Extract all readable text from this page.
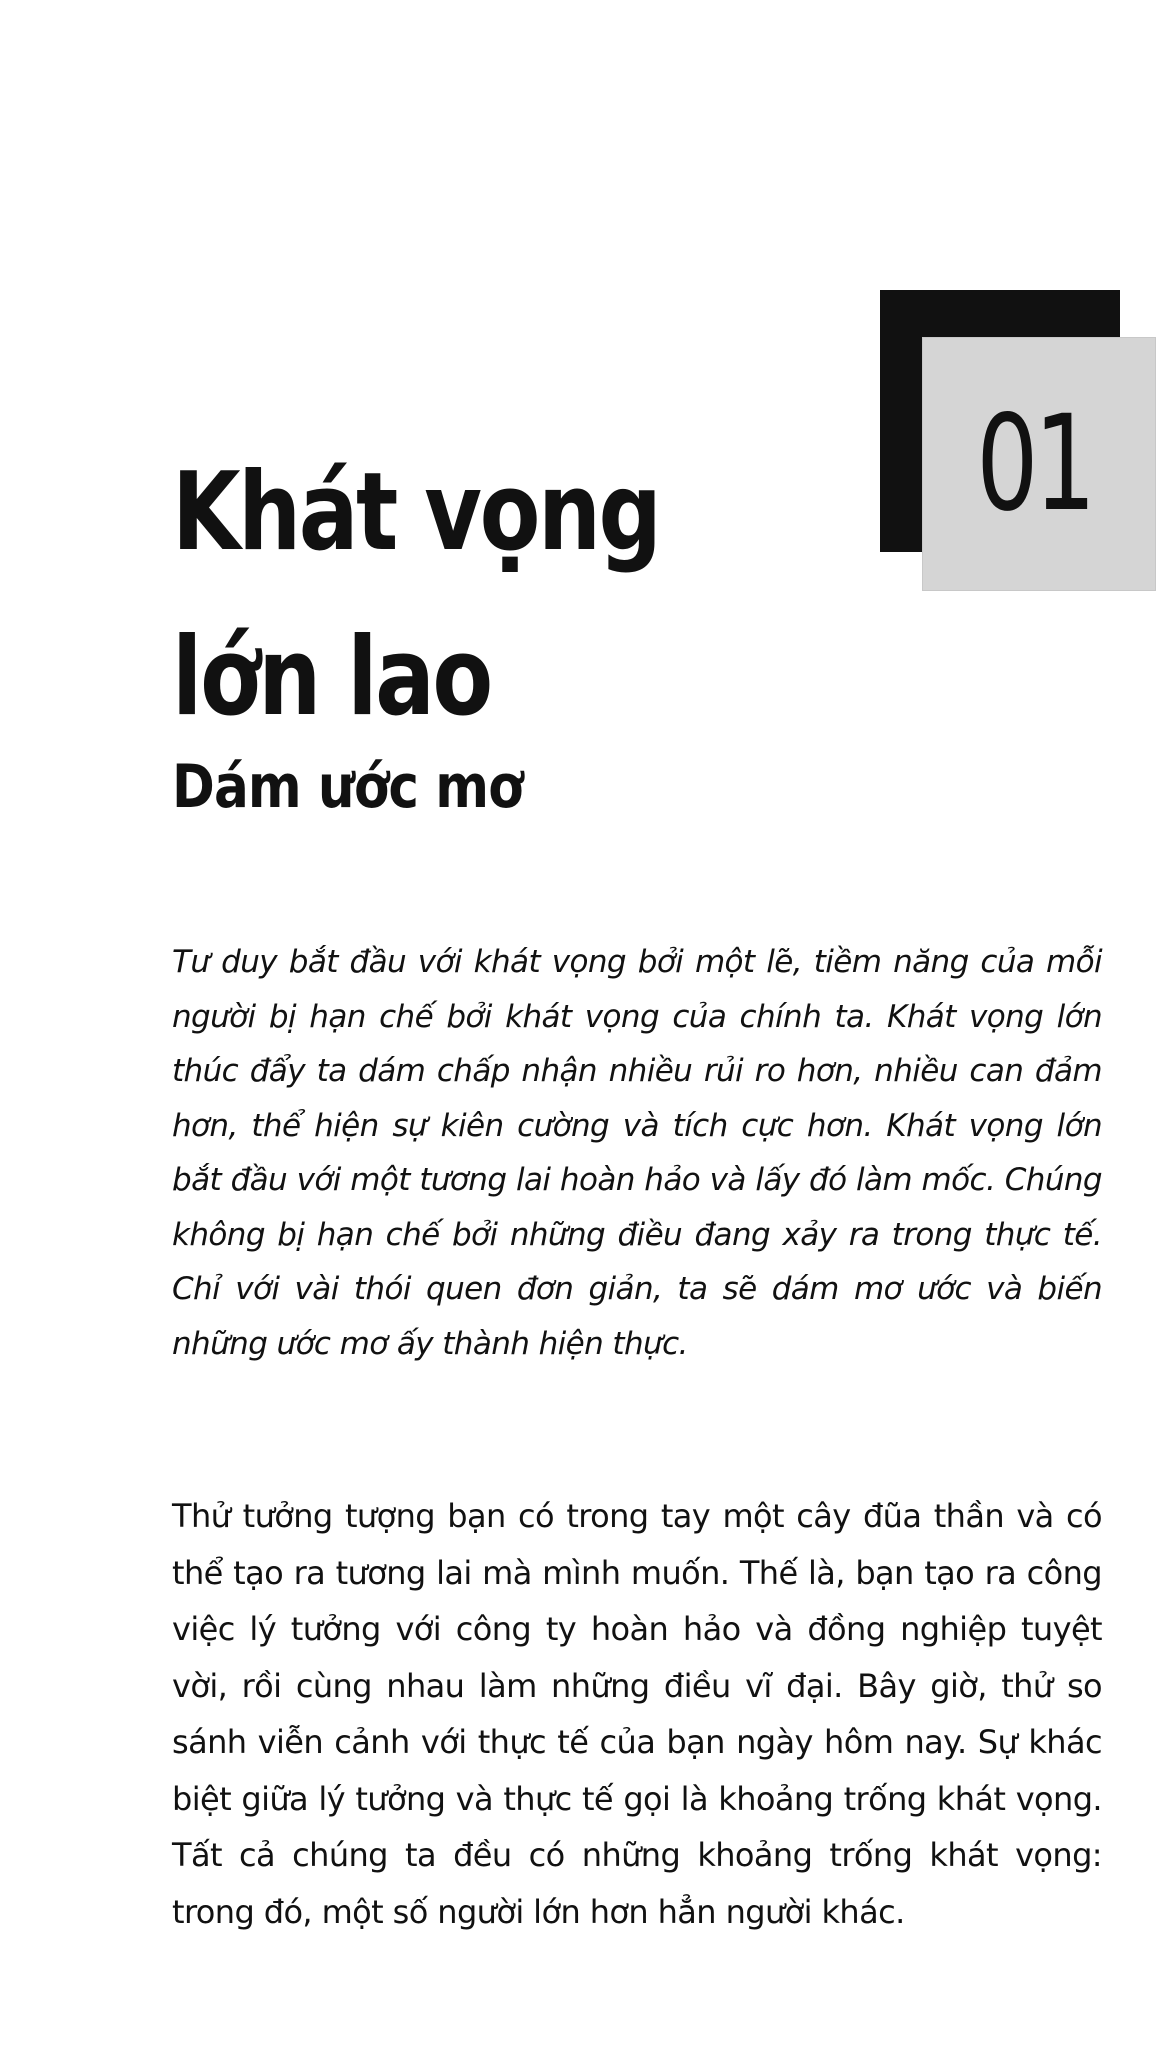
01
Khát vọng lớn lao
Dám ước mơ

Tư duy bắt đầu với khát vọng bởi một lẽ, tiềm năng của mỗi người bị hạn chế bởi khát vọng của chính ta. Khát vọng lớn thúc đẩy ta dám chấp nhận nhiều rủi ro hơn, nhiều can đảm hơn, thể hiện sự kiên cường và tích cực hơn. Khát vọng lớn bắt đầu với một tương lai hoàn hảo và lấy đó làm mốc. Chúng không bị hạn chế bởi những điều đang xảy ra trong thực tế. Chỉ với vài thói quen đơn giản, ta sẽ dám mơ ước và biến những ước mơ ấy thành hiện thực.

Thử tưởng tượng bạn có trong tay một cây đũa thần và có thể tạo ra tương lai mà mình muốn. Thế là, bạn tạo ra công việc lý tưởng với công ty hoàn hảo và đồng nghiệp tuyệt vời, rồi cùng nhau làm những điều vĩ đại. Bây giờ, thử so sánh viễn cảnh với thực tế của bạn ngày hôm nay. Sự khác biệt giữa lý tưởng và thực tế gọi là khoảng trống khát vọng. Tất cả chúng ta đều có những khoảng trống khát vọng: trong đó, một số người lớn hơn hẳn người khác.
